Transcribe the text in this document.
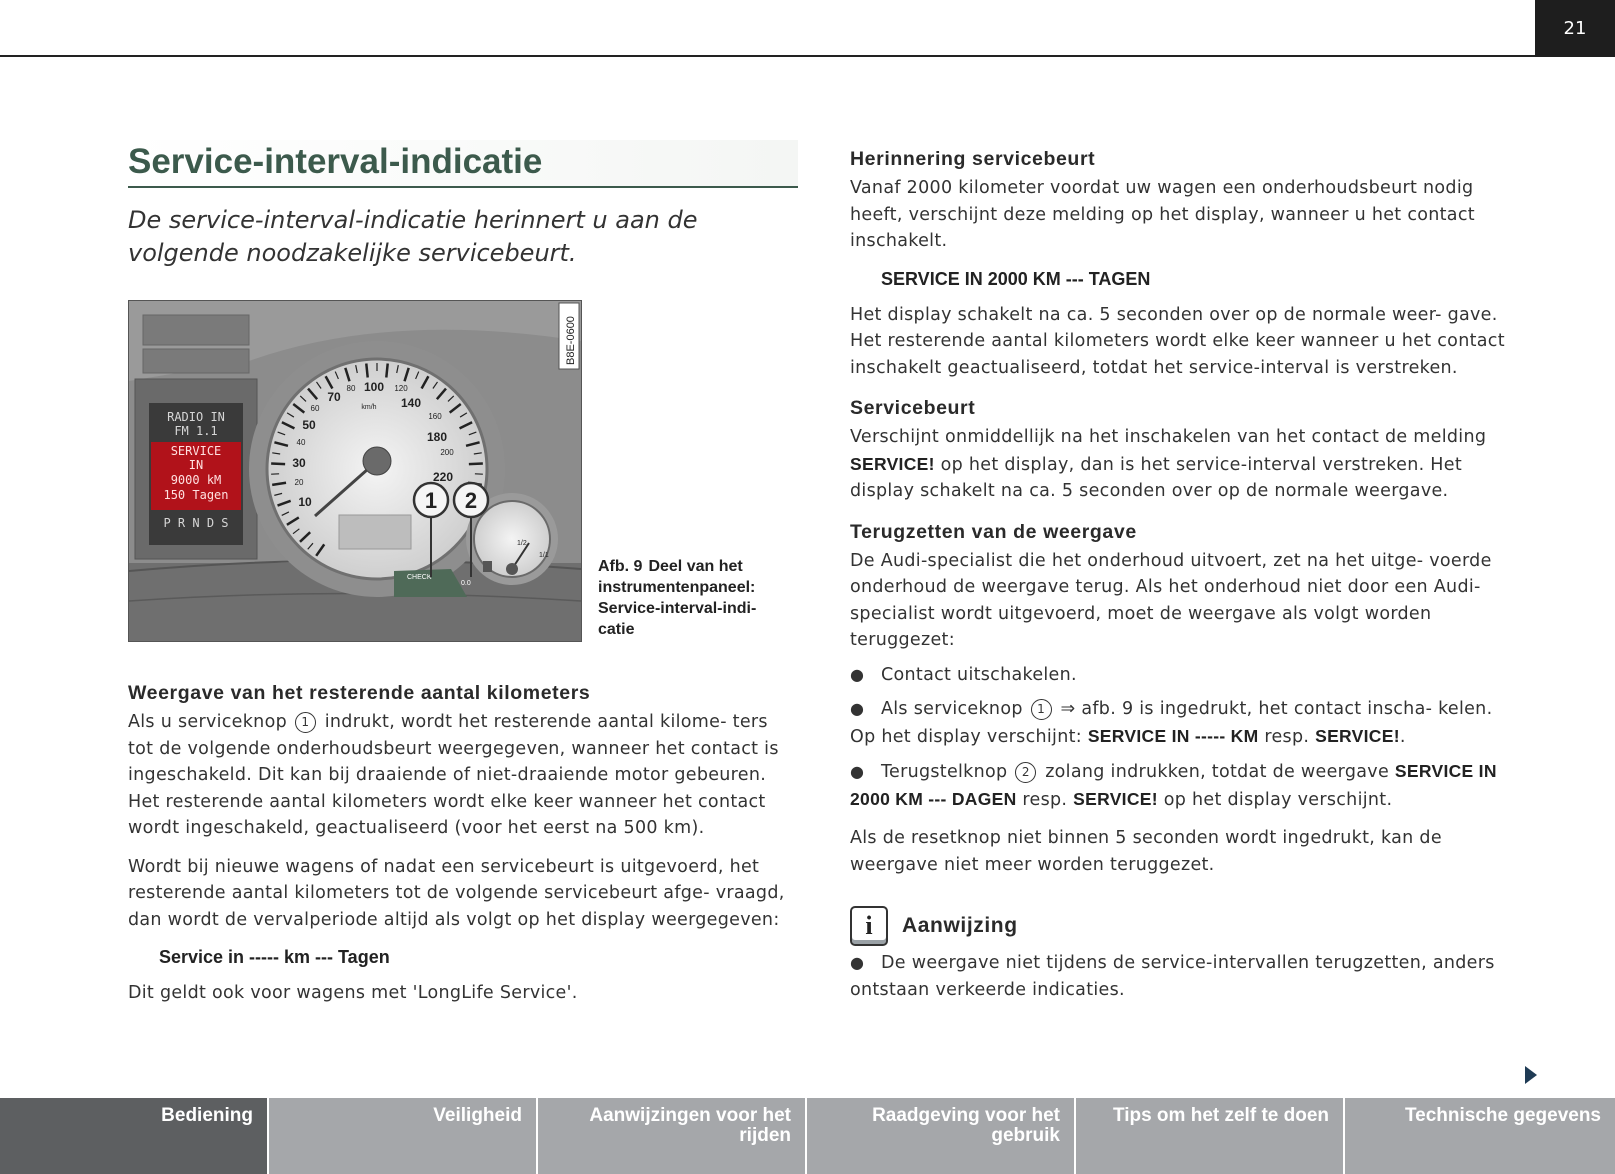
21
Service-interval-indicatie

De service-interval-indicatie herinnert u aan de volgende noodzakelijke servicebeurt.

RADIO IN
FM 1.1
SERVICE
IN
9000 kM
150 Tagen
P R N D S
10
20
30
40
50
60
70
80 100 120
140
160
180
200
220
km/h
1/2
1/1
CHECK
0.0
1 2
B8E-0600
Afb. 9 Deel van het instrumentenpaneel: Service-interval-indi- catie
Weergave van het resterende aantal kilometers

Als u serviceknop 1 indrukt, wordt het resterende aantal kilome- ters tot de volgende onderhoudsbeurt weergegeven, wanneer het contact is ingeschakeld. Dit kan bij draaiende of niet-draaiende motor gebeuren. Het resterende aantal kilometers wordt elke keer wanneer het contact wordt ingeschakeld, geactualiseerd (voor het eerst na 500 km).

Wordt bij nieuwe wagens of nadat een servicebeurt is uitgevoerd, het resterende aantal kilometers tot de volgende servicebeurt afge- vraagd, dan wordt de vervalperiode altijd als volgt op het display weergegeven:

Service in ----- km --- Tagen

Dit geldt ook voor wagens met 'LongLife Service'.

Herinnering servicebeurt

Vanaf 2000 kilometer voordat uw wagen een onderhoudsbeurt nodig heeft, verschijnt deze melding op het display, wanneer u het contact inschakelt.

SERVICE IN 2000 KM --- TAGEN

Het display schakelt na ca. 5 seconden over op de normale weer- gave. Het resterende aantal kilometers wordt elke keer wanneer u het contact inschakelt geactualiseerd, totdat het service-interval is verstreken.

Servicebeurt

Verschijnt onmiddellijk na het inschakelen van het contact de melding SERVICE! op het display, dan is het service-interval verstreken. Het display schakelt na ca. 5 seconden over op de normale weergave.

Terugzetten van de weergave

De Audi-specialist die het onderhoud uitvoert, zet na het uitge- voerde onderhoud de weergave terug. Als het onderhoud niet door een Audi-specialist wordt uitgevoerd, moet de weergave als volgt worden teruggezet:

● Contact uitschakelen.
● Als serviceknop 1 ⇒ afb. 9 is ingedrukt, het contact inscha- kelen. Op het display verschijnt: SERVICE IN ----- KM resp. SERVICE!.
● Terugstelknop 2 zolang indrukken, totdat de weergave SERVICE IN 2000 KM --- DAGEN resp. SERVICE! op het display verschijnt.

Als de resetknop niet binnen 5 seconden wordt ingedrukt, kan de weergave niet meer worden teruggezet.

i	Aanwijzing
● De weergave niet tijdens de service-intervallen terugzetten, anders ontstaan verkeerde indicaties.
Bediening	Veiligheid	Aanwijzingen voor het rijden
Raadgeving voor het gebruik
Tips om het zelf te doen	Technische gegevens
